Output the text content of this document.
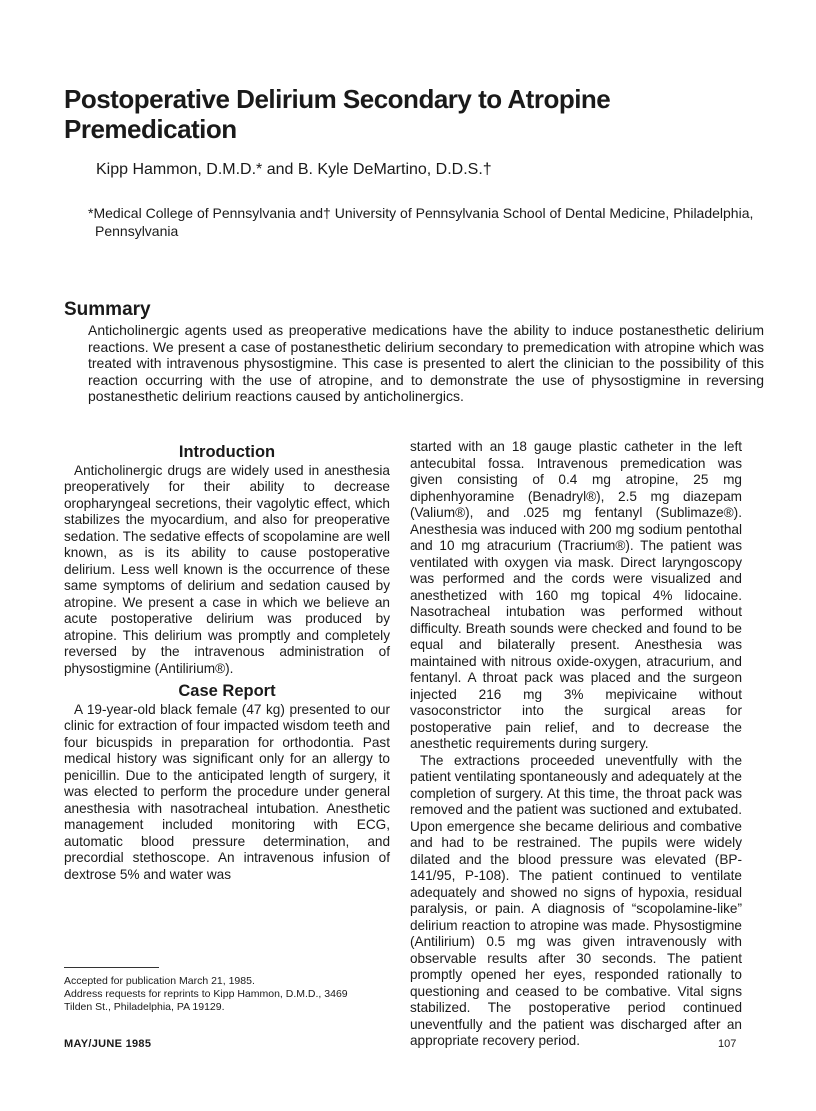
Postoperative Delirium Secondary to Atropine Premedication
Kipp Hammon, D.M.D.* and B. Kyle DeMartino, D.D.S.†
*Medical College of Pennsylvania and† University of Pennsylvania School of Dental Medicine, Philadelphia,
Pennsylvania
Summary
Anticholinergic agents used as preoperative medications have the ability to induce postanesthetic delirium reactions. We present a case of postanesthetic delirium secondary to premedication with atropine which was treated with intravenous physostigmine. This case is presented to alert the clinician to the possibility of this reaction occurring with the use of atropine, and to demonstrate the use of physostigmine in reversing postanesthetic delirium reactions caused by anticholinergics.
Introduction

Anticholinergic drugs are widely used in anesthesia preoperatively for their ability to decrease oropharyngeal secretions, their vagolytic effect, which stabilizes the myocardium, and also for preoperative sedation. The sedative effects of scopolamine are well known, as is its ability to cause postoperative delirium. Less well known is the occurrence of these same symptoms of delirium and sedation caused by atropine. We present a case in which we believe an acute postoperative delirium was produced by atropine. This delirium was promptly and completely reversed by the intravenous administration of physostigmine (Antilirium®).

Case Report

A 19-year-old black female (47 kg) presented to our clinic for extraction of four impacted wisdom teeth and four bicuspids in preparation for orthodontia. Past medical history was significant only for an allergy to penicillin. Due to the anticipated length of surgery, it was elected to perform the procedure under general anesthesia with nasotracheal intubation. Anesthetic management included monitoring with ECG, automatic blood pressure determination, and precordial stethoscope. An intravenous infusion of dextrose 5% and water was

started with an 18 gauge plastic catheter in the left antecubital fossa. Intravenous premedication was given consisting of 0.4 mg atropine, 25 mg diphenhyoramine (Benadryl®), 2.5 mg diazepam (Valium®), and .025 mg fentanyl (Sublimaze®). Anesthesia was induced with 200 mg sodium pentothal and 10 mg atracurium (Tracrium®). The patient was ventilated with oxygen via mask. Direct laryngoscopy was performed and the cords were visualized and anesthetized with 160 mg topical 4% lidocaine. Nasotracheal intubation was performed without difficulty. Breath sounds were checked and found to be equal and bilaterally present. Anesthesia was maintained with nitrous oxide-oxygen, atracurium, and fentanyl. A throat pack was placed and the surgeon injected 216 mg 3% mepivicaine without vasoconstrictor into the surgical areas for postoperative pain relief, and to decrease the anesthetic requirements during surgery.

The extractions proceeded uneventfully with the patient ventilating spontaneously and adequately at the completion of surgery. At this time, the throat pack was removed and the patient was suctioned and extubated. Upon emergence she became delirious and combative and had to be restrained. The pupils were widely dilated and the blood pressure was elevated (BP-141/95, P-108). The patient continued to ventilate adequately and showed no signs of hypoxia, residual paralysis, or pain. A diagnosis of “scopolamine-like” delirium reaction to atropine was made. Physostigmine (Antilirium) 0.5 mg was given intravenously with observable results after 30 seconds. The patient promptly opened her eyes, responded rationally to questioning and ceased to be combative. Vital signs stabilized. The postoperative period continued uneventfully and the patient was discharged after an appropriate recovery period.

Accepted for publication March 21, 1985.
Address requests for reprints to Kipp Hammon, D.M.D., 3469
Tilden St., Philadelphia, PA 19129.
MAY/JUNE 1985	107
